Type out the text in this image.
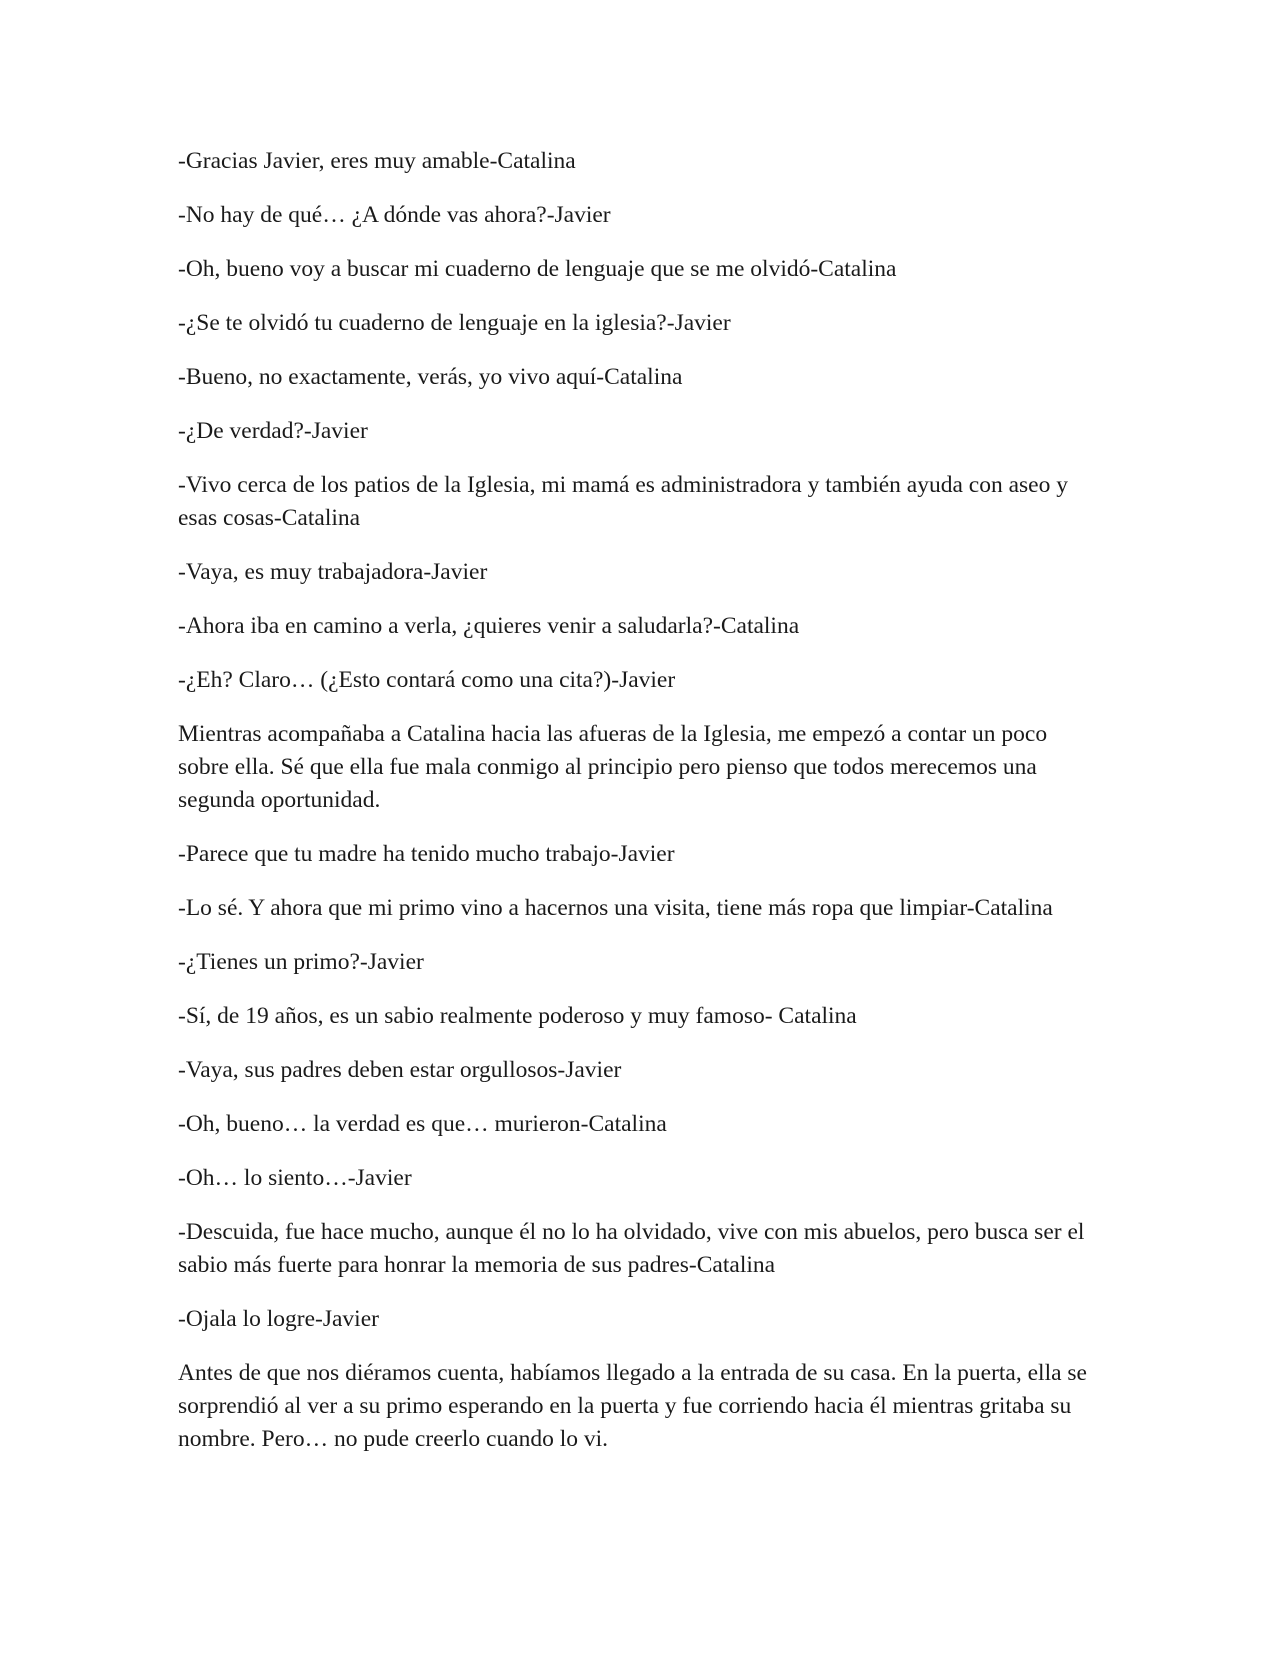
-Gracias Javier, eres muy amable-Catalina

-No hay de qué… ¿A dónde vas ahora?-Javier

-Oh, bueno voy a buscar mi cuaderno de lenguaje que se me olvidó-Catalina

-¿Se te olvidó tu cuaderno de lenguaje en la iglesia?-Javier

-Bueno, no exactamente, verás, yo vivo aquí-Catalina

-¿De verdad?-Javier

-Vivo cerca de los patios de la Iglesia, mi mamá es administradora y también ayuda con aseo y esas cosas-Catalina

-Vaya, es muy trabajadora-Javier

-Ahora iba en camino a verla, ¿quieres venir a saludarla?-Catalina

-¿Eh? Claro… (¿Esto contará como una cita?)-Javier

Mientras acompañaba a Catalina hacia las afueras de la Iglesia, me empezó a contar un poco sobre ella. Sé que ella fue mala conmigo al principio pero pienso que todos merecemos una segunda oportunidad.

-Parece que tu madre ha tenido mucho trabajo-Javier

-Lo sé. Y ahora que mi primo vino a hacernos una visita, tiene más ropa que limpiar-Catalina

-¿Tienes un primo?-Javier

-Sí, de 19 años, es un sabio realmente poderoso y muy famoso- Catalina

-Vaya, sus padres deben estar orgullosos-Javier

-Oh, bueno… la verdad es que… murieron-Catalina

-Oh… lo siento…-Javier

-Descuida, fue hace mucho, aunque él no lo ha olvidado, vive con mis abuelos, pero busca ser el sabio más fuerte para honrar la memoria de sus padres-Catalina

-Ojala lo logre-Javier

Antes de que nos diéramos cuenta, habíamos llegado a la entrada de su casa. En la puerta, ella se sorprendió al ver a su primo esperando en la puerta y fue corriendo hacia él mientras gritaba su nombre. Pero… no pude creerlo cuando lo vi.
